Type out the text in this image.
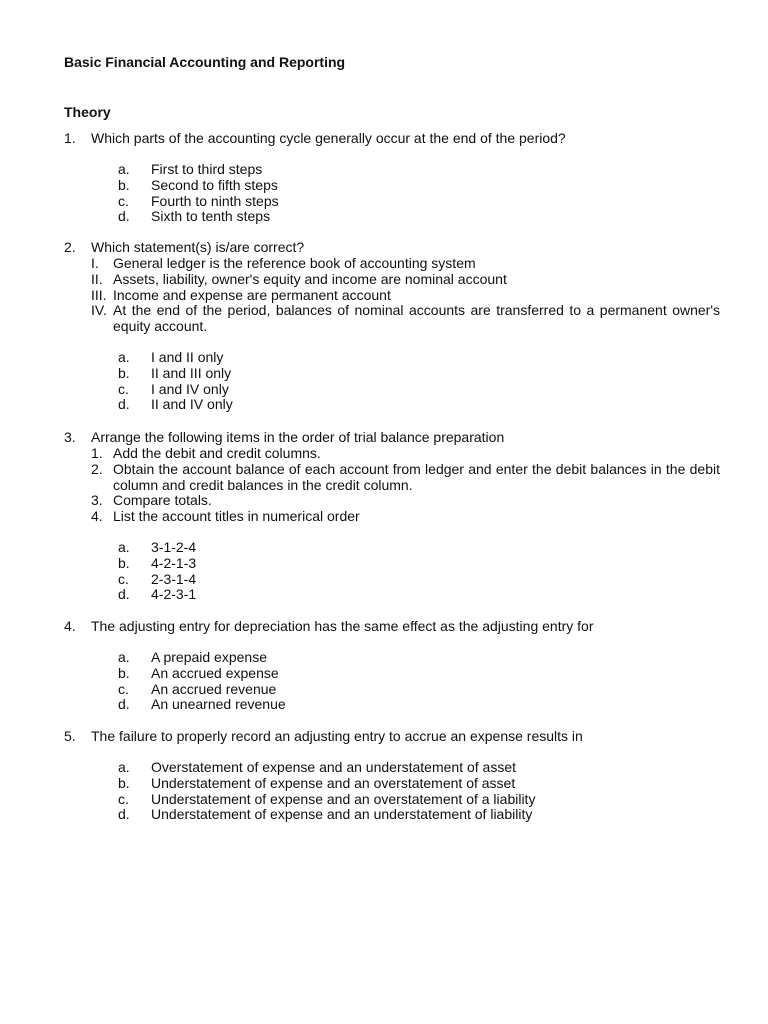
Basic Financial Accounting and Reporting
Theory
1. Which parts of the accounting cycle generally occur at the end of the period?
a. First to third steps
b. Second to fifth steps
c. Fourth to ninth steps
d. Sixth to tenth steps
2. Which statement(s) is/are correct?
I. General ledger is the reference book of accounting system
II. Assets, liability, owner's equity and income are nominal account
III. Income and expense are permanent account
IV. At the end of the period, balances of nominal accounts are transferred to a permanent owner's equity account.
a. I and II only
b. II and III only
c. I and IV only
d. II and IV only
3. Arrange the following items in the order of trial balance preparation
1. Add the debit and credit columns.
2. Obtain the account balance of each account from ledger and enter the debit balances in the debit column and credit balances in the credit column.
3. Compare totals.
4. List the account titles in numerical order
a. 3-1-2-4
b. 4-2-1-3
c. 2-3-1-4
d. 4-2-3-1
4. The adjusting entry for depreciation has the same effect as the adjusting entry for
a. A prepaid expense
b. An accrued expense
c. An accrued revenue
d. An unearned revenue
5. The failure to properly record an adjusting entry to accrue an expense results in
a. Overstatement of expense and an understatement of asset
b. Understatement of expense and an overstatement of asset
c. Understatement of expense and an overstatement of a liability
d. Understatement of expense and an understatement of liability
